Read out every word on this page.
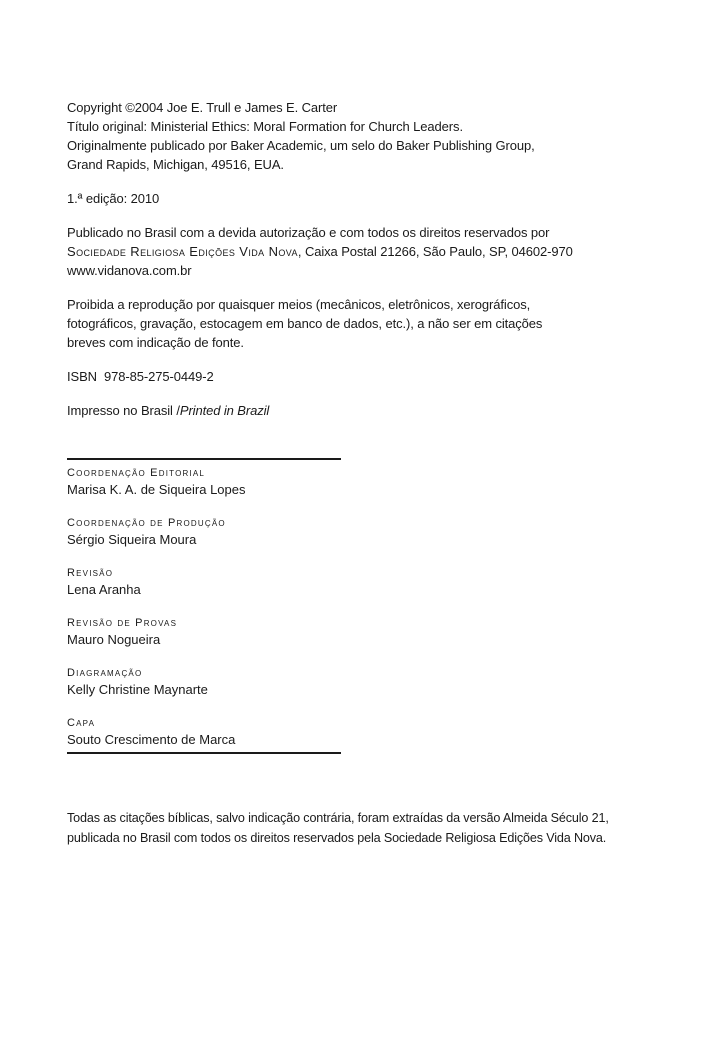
Copyright ©2004 Joe E. Trull e James E. Carter
Título original: Ministerial Ethics: Moral Formation for Church Leaders.
Originalmente publicado por Baker Academic, um selo do Baker Publishing Group,
Grand Rapids, Michigan, 49516, EUA.
1.ª edição: 2010
Publicado no Brasil com a devida autorização e com todos os direitos reservados por
Sociedade Religiosa Edições Vida Nova, Caixa Postal 21266, São Paulo, SP, 04602-970
www.vidanova.com.br
Proibida a reprodução por quaisquer meios (mecânicos, eletrônicos, xerográficos,
fotográficos, gravação, estocagem em banco de dados, etc.), a não ser em citações
breves com indicação de fonte.
ISBN  978-85-275-0449-2
Impresso no Brasil /Printed in Brazil
Coordenação Editorial
Marisa K. A. de Siqueira Lopes
Coordenação de Produção
Sérgio Siqueira Moura
Revisão
Lena Aranha
Revisão de Provas
Mauro Nogueira
Diagramação
Kelly Christine Maynarte
Capa
Souto Crescimento de Marca
Todas as citações bíblicas, salvo indicação contrária, foram extraídas da versão Almeida Século 21,
publicada no Brasil com todos os direitos reservados pela Sociedade Religiosa Edições Vida Nova.
